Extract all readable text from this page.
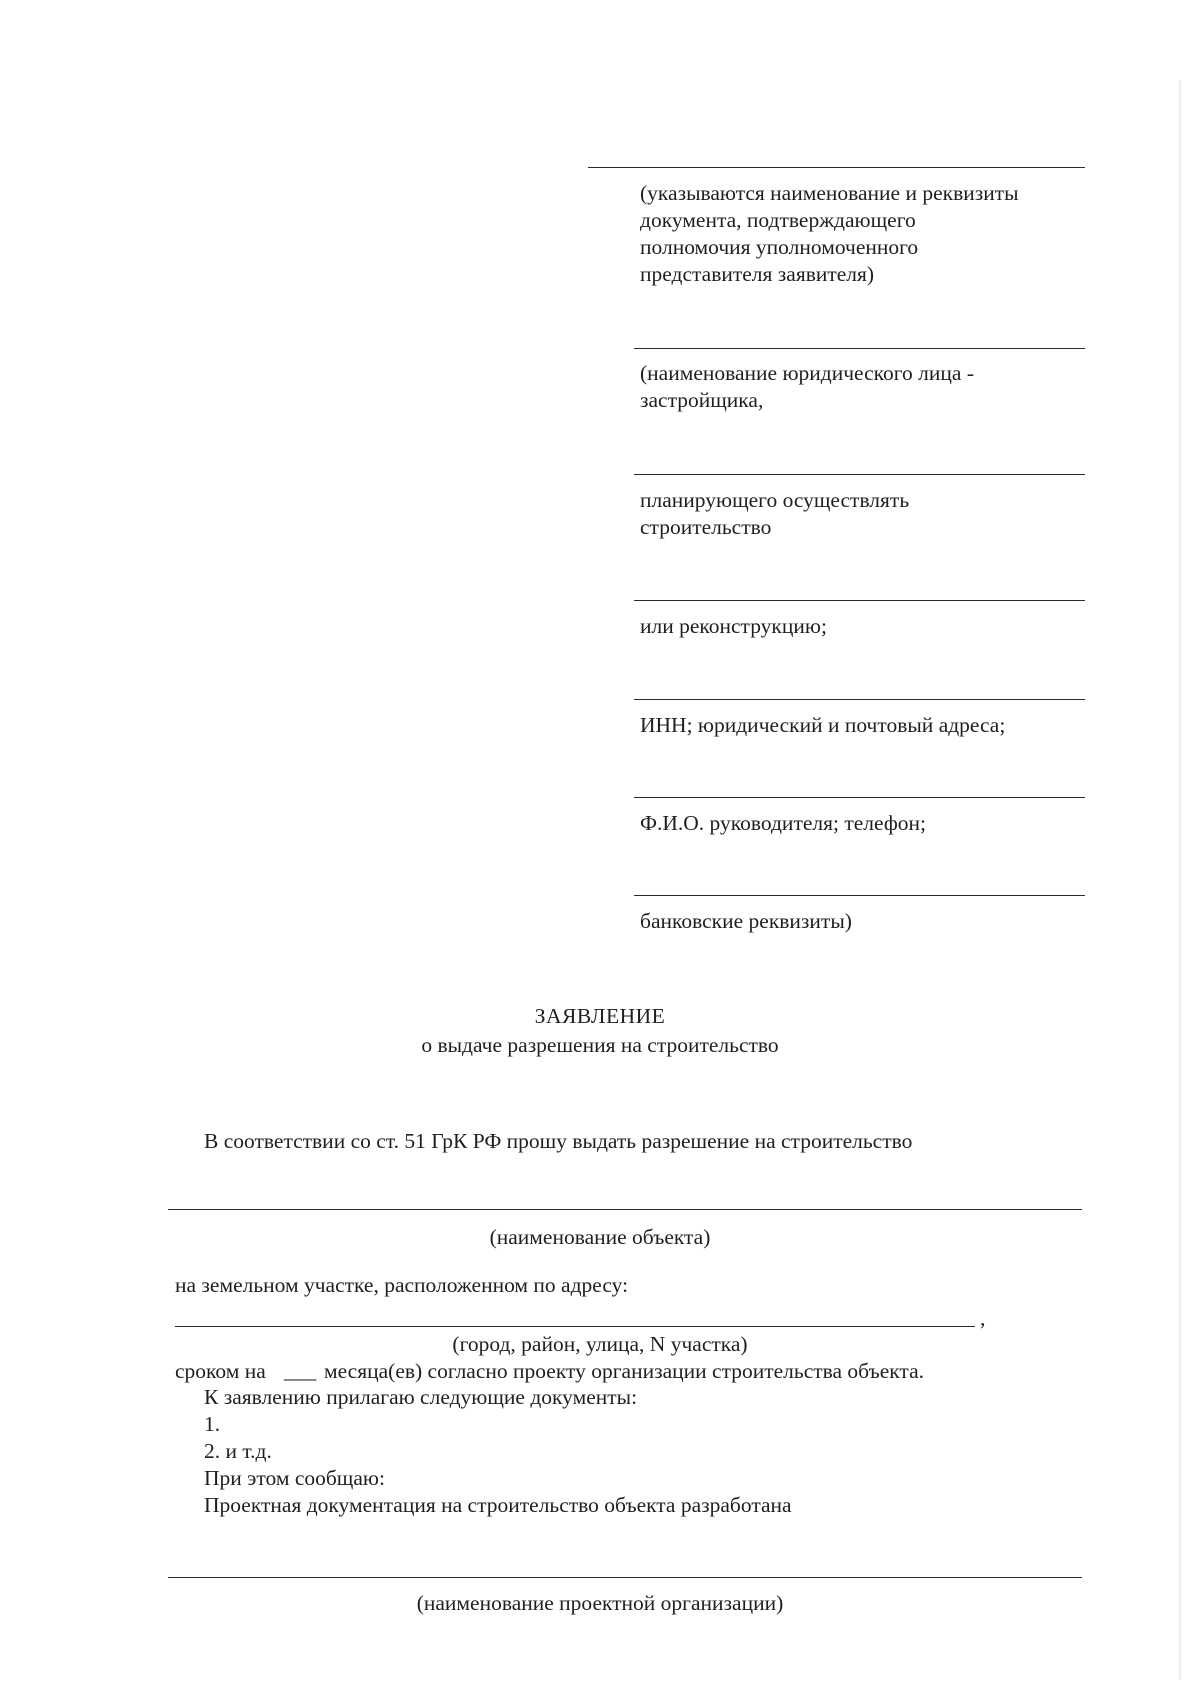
(указываются наименование и реквизиты
документа, подтверждающего
полномочия уполномоченного
представителя заявителя)
(наименование юридического лица -
застройщика,
планирующего осуществлять
строительство
или реконструкцию;
ИНН; юридический и почтовый адреса;
Ф.И.О. руководителя; телефон;
банковские реквизиты)
ЗАЯВЛЕНИЕ
о выдаче разрешения на строительство
В соответствии со ст. 51 ГрК РФ прошу выдать разрешение на строительство
(наименование объекта)
на земельном участке, расположенном по адресу:
,
(город, район, улица, N участка)
сроком на ___ месяца(ев) согласно проекту организации строительства объекта.
К заявлению прилагаю следующие документы:
1.
2. и т.д.
При этом сообщаю:
Проектная документация на строительство объекта разработана
(наименование проектной организации)
